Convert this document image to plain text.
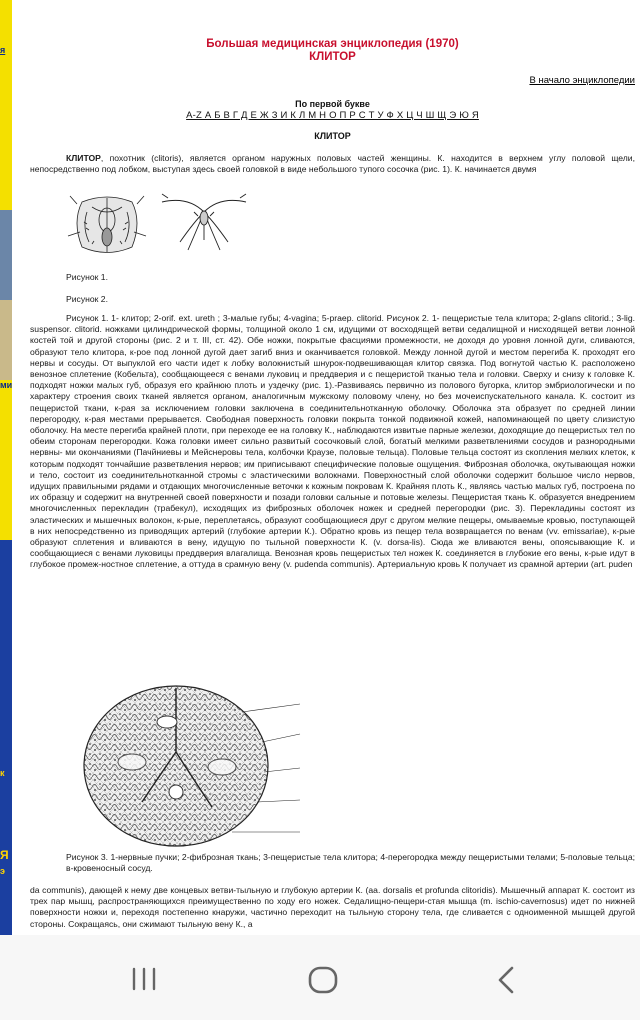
я
ми
к
Я
э
Большая медицинская энциклопедия (1970)
КЛИТОР
В начало энциклопедии
По первой букве
A-Z А Б В Г Д Е Ж З И К Л М Н О П Р С Т У Ф Х Ц Ч Ш Щ Э Ю Я
КЛИТОР
КЛИТОР, похотник (clitoris), является органом наружных половых частей женщины. К. находится в верхнем углу половой щели, непосредственно под лобком, выступая здесь своей головкой в виде небольшого тупого сосочка (рис. 1). К. начинается двумя
Рисунок 1.
Рисунок 2.
Рисунок 1. 1- клитор; 2-orif. ext. ureth ; 3-малые губы; 4-vagina; 5-praep. clitorid. Рисунок 2. 1- пещеристые тела клитора; 2-glans clitorid.; 3-lig. suspensor. clitorid. ножками цилиндрической формы, толщиной около 1 см, идущими от восходящей ветви седалищной и нисходящей ветви лонной костей той и другой стороны (рис. 2 и т. III, ст. 42). Обе ножки, покрытые фасциями промежности, не доходя до уровня лонной дуги, сливаются, образуют тело клитора, к-рое под лонной дугой дает загиб вниз и оканчивается головкой. Между лонной дугой и местом перегиба К. проходят его нервы и сосуды. От выпуклой его части идет к лобку волокнистый шнурок-подвешивающая клитор связка. Под вогнутой частью К. расположено венозное сплетение (Кобельта), сообщающееся с венами луковиц и преддверия и с пещеристой тканью тела и головки. Сверху и снизу к головке К. подходят ножки малых губ, образуя его крайнюю плоть и уздечку (рис. 1).-Развиваясь первично из полового бугорка, клитор эмбриологически и по характеру строения своих тканей является органом, аналогичным мужскому половому члену, но без мочеиспускательного канала. К. состоит из пещеристой ткани, к-рая за исключением головки заключена в соединительнотканную оболочку. Оболочка эта образует по средней линии перегородку, к-рая местами прерывается. Свободная поверхность головки покрыта тонкой подвижной кожей, напоминающей по цвету слизистую оболочку. На месте перегиба крайней плоти, при переходе ее на головку К., наблюдаются извитые парные железки, доходящие до пещеристых тел по обеим сторонам перегородки. Кожа головки имеет сильно развитый сосочковый слой, богатый мелкими разветвлениями сосудов и разнородными нервны- ми окончаниями (Пачйниевы и Мейснеровы тела, колбочки Краузе, половые тельца). Половые тельца состоят из скопления мелких клеток, к которым подходят тончайшие разветвления нервов; им приписывают специфические половые ощущения. Фиброзная оболочка, окутывающая ножки и тело, состоит из соединительнотканной стромы с эластическими волокнами. Поверхностный слой оболочки содержит большое число нервов, идущих правильными рядами и отдающих многочисленные веточки к кожным покровам К. Крайняя плоть К., являясь частью малых губ, построена по их образцу и содержит на внутренней своей поверхности и позади головки сальные и потовые железы. Пещеристая ткань К. образуется внедрением многочисленных перекладин (трабекул), исходящих из фиброзных оболочек ножек и средней перегородки (рис. 3). Перекладины состоят из эластических и мышечных волокон, к-рые, переплетаясь, образуют сообщающиеся друг с другом мелкие пещеры, омываемые кровью, поступающей в них непосредственно из приводящих артерий (глубокие артерии К.). Обратно кровь из пещер тела возвращается по венам (vv. emissariae), к-рые образуют сплетения и вливаются в вену, идущую по тыльной поверхности К. (v. dorsa-lis). Сюда же вливаются вены, опоясывающие К. и сообщающиеся с венами луковицы преддверия влагалища. Венозная кровь пещеристых тел ножек К. соединяется в глубокие его вены, к-рые идут в глубокое промеж-ностное сплетение, а оттуда в срамную вену (v. pudenda communis). Артериальную кровь К получает из срамной артерии (art. puden
Рисунок 3. 1-нервные пучки; 2-фиброзная ткань; 3-пещеристые тела клитора; 4-перегородка между пещеристыми телами; 5-половые тельца; в-кровеносный сосуд.
da communis), дающей к нему две концевых ветви-тыльную и глубокую артерии К. (аа. dorsalis et profunda clitoridis). Мышечный аппарат К. состоит из трех пар мышц, распространяющихся преимущественно по ходу его ножек. Седалищно-пещери-стая мышца (m. ischio-cavernosus) идет по нижней поверхности ножки и, переходя постепенно кнаружи, частично переходит на тыльную сторону тела, где сливается с одноименной мышцей другой стороны. Сокращаясь, они сжимают тыльную вену К., а
